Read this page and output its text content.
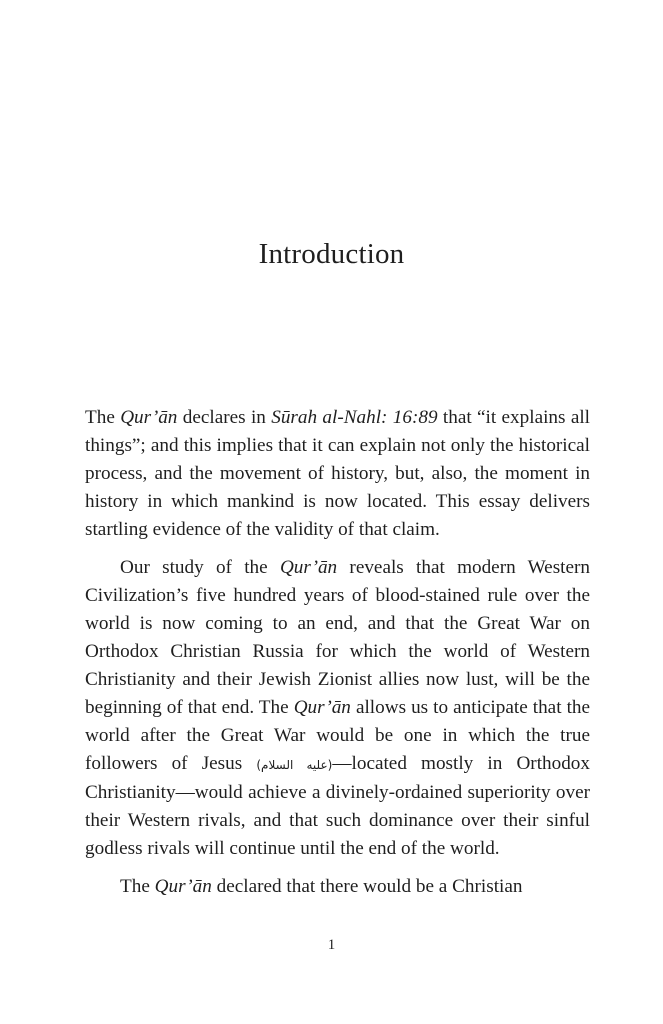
Introduction

The Qur’ān declares in Sūrah al-Nahl: 16:89 that “it explains all things”; and this implies that it can explain not only the historical process, and the movement of history, but, also, the moment in history in which mankind is now located. This essay delivers startling evidence of the validity of that claim.

Our study of the Qur’ān reveals that modern Western Civilization’s five hundred years of blood-stained rule over the world is now coming to an end, and that the Great War on Orthodox Christian Russia for which the world of Western Christianity and their Jewish Zionist allies now lust, will be the beginning of that end. The Qur’ān allows us to anticipate that the world after the Great War would be one in which the true followers of Jesus (عليه السلام)—located mostly in Orthodox Christianity—would achieve a divinely-ordained superiority over their Western rivals, and that such dominance over their sinful godless rivals will continue until the end of the world.

The Qur’ān declared that there would be a Christian

1
